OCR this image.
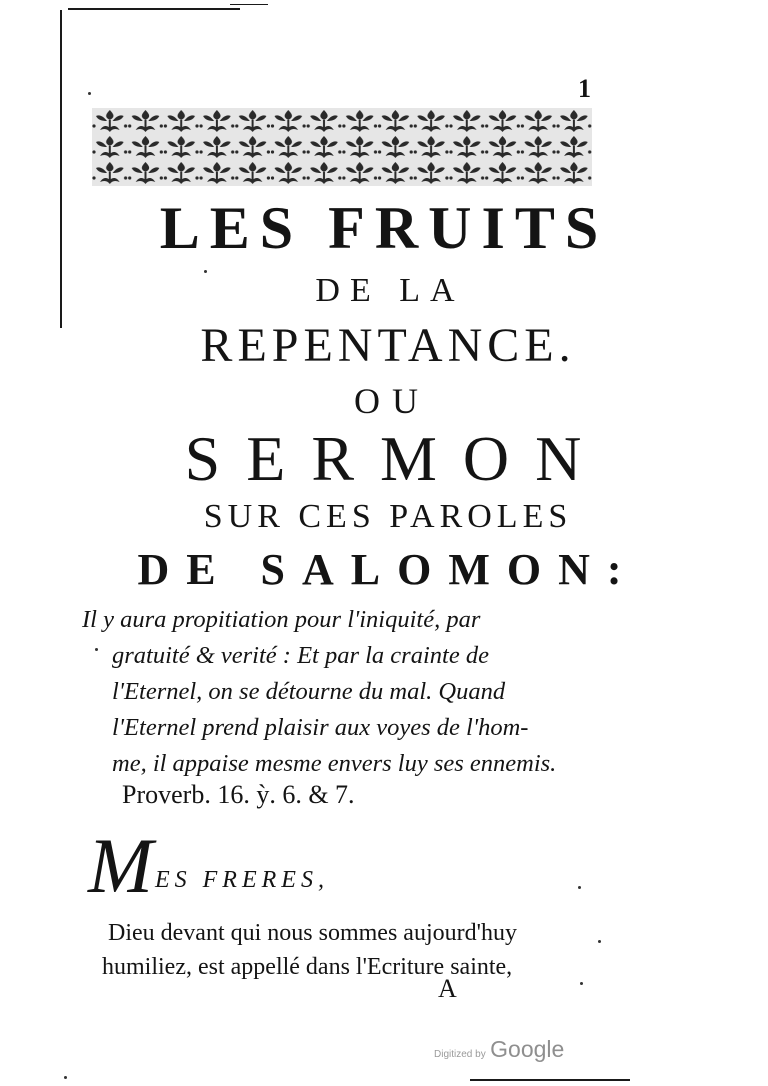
1
LES FRUITS
DE LA
REPENTANCE.
OU
SERMON
SUR CES PAROLES
DE SALOMON:
Il y aura propitiation pour l'iniquité, par
gratuité & verité : Et par la crainte de
l'Eternel, on se détourne du mal. Quand
l'Eternel prend plaisir aux voyes de l'hom-
me, il appaise mesme envers luy ses ennemis.
Proverb. 16. ỳ. 6. & 7.
MES FRERES,
Dieu devant qui nous sommes aujourd'huy
humiliez, est appellé dans l'Ecriture sainte,
A
Digitized by Google
